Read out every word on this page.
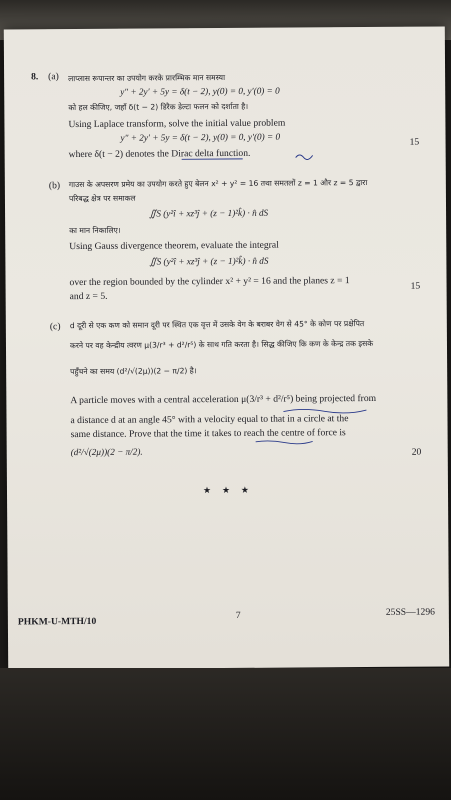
8. (a) लाप्लास रूपान्तर का उपयोग करके प्रारम्भिक मान समस्या
y″ + 2y′ + 5y = δ(t − 2), y(0) = 0, y′(0) = 0
को हल कीजिए, जहाँ δ(t − 2) डिरैक डेल्टा फलन को दर्शाता है।
Using Laplace transform, solve the initial value problem
y″ + 2y′ + 5y = δ(t − 2), y(0) = 0, y′(0) = 0
where δ(t − 2) denotes the Dirac delta function.
15
(b) गाउस के अपसरण प्रमेय का उपयोग करते हुए बेलन x² + y² = 16 तथा समतलों z = 1 और z = 5 द्वारा
परिबद्ध क्षेत्र पर समाकल
∬S (y²î + xz³ĵ + (z − 1)²k̂) · n̂ dS
का मान निकालिए।
Using Gauss divergence theorem, evaluate the integral
∬S (y²î + xz³ĵ + (z − 1)²k̂) · n̂ dS
over the region bounded by the cylinder x² + y² = 16 and the planes z = 1
and z = 5.
15
(c) d दूरी से एक कण को समान दूरी पर स्थित एक वृत्त में उसके वेग के बराबर वेग से 45° के कोण पर प्रक्षेपित
करने पर वह केन्द्रीय त्वरण μ(3/r³ + d²/r⁵) के साथ गति करता है। सिद्ध कीजिए कि कण के केन्द्र तक इसके
पहुँचने का समय (d²/√(2μ))(2 − π/2) है।
A particle moves with a central acceleration μ(3/r³ + d²/r⁵) being projected from
a distance d at an angle 45° with a velocity equal to that in a circle at the
same distance. Prove that the time it takes to reach the centre of force is
(d²/√(2μ))(2 − π/2).	20
★ ★ ★
PHKM-U-MTH/10
7	25SS—1296
